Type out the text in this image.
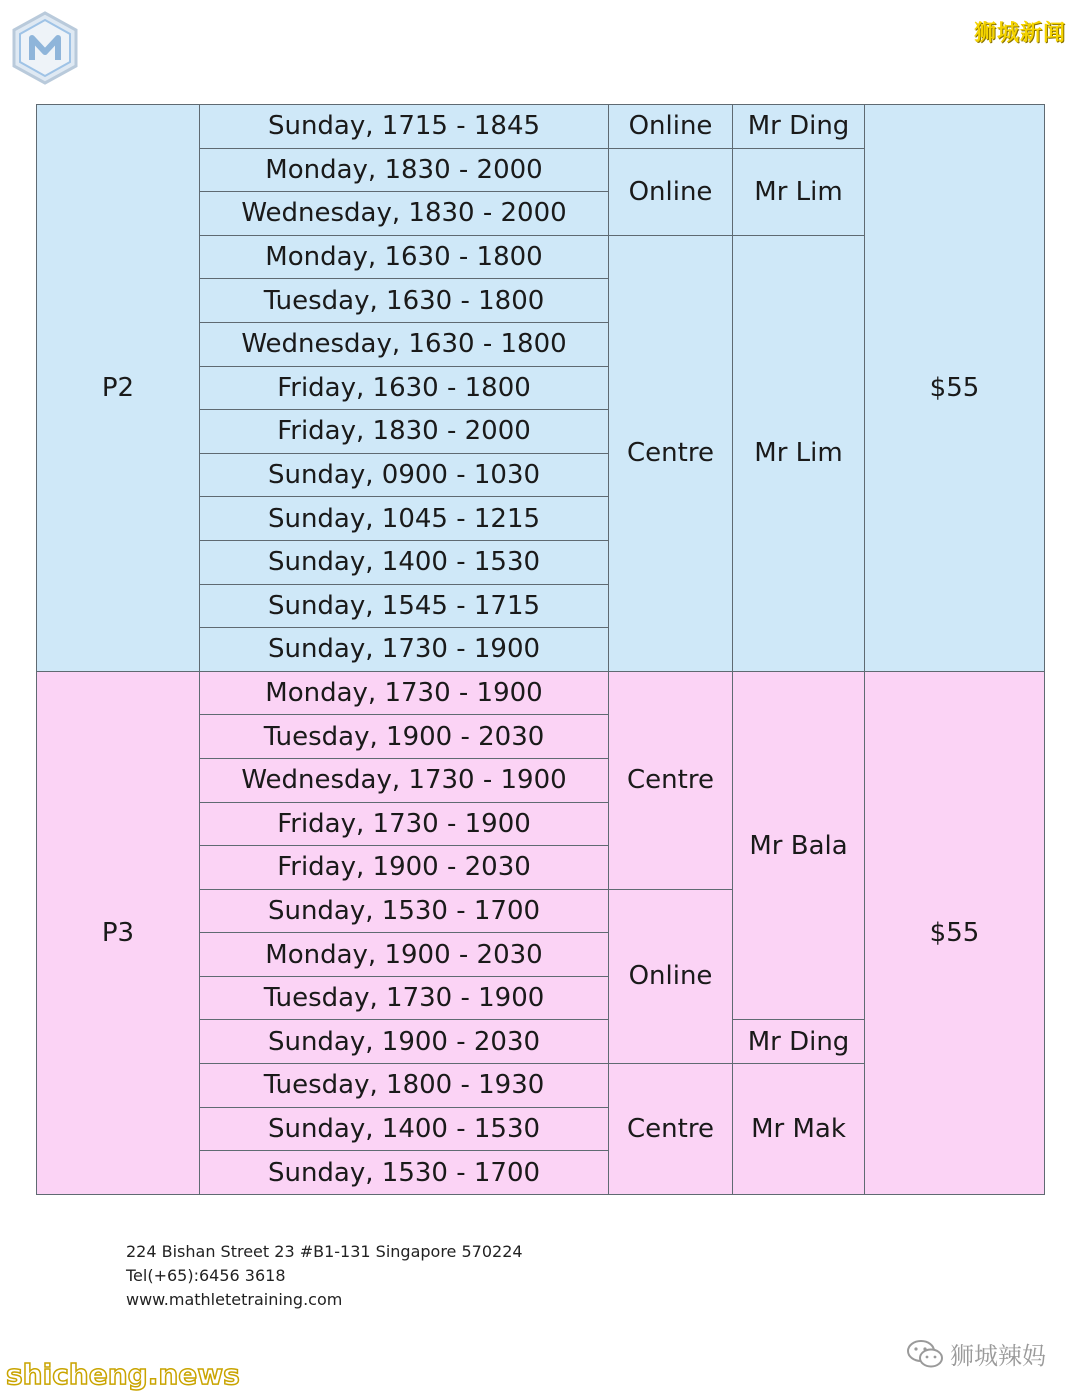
狮城新闻
P2	Sunday, 1715 - 1845	Online	Mr Ding	$55
	Monday, 1830 - 2000	Online	Mr Lim	
	Wednesday, 1830 - 2000			
	Monday, 1630 - 1800	Centre	Mr Lim	
	Tuesday, 1630 - 1800			
	Wednesday, 1630 - 1800			
	Friday, 1630 - 1800			
	Friday, 1830 - 2000			
	Sunday, 0900 - 1030			
	Sunday, 1045 - 1215			
	Sunday, 1400 - 1530			
	Sunday, 1545 - 1715			
	Sunday, 1730 - 1900			
P3	Monday, 1730 - 1900	Centre	Mr Bala	$55
	Tuesday, 1900 - 2030			
	Wednesday, 1730 - 1900			
	Friday, 1730 - 1900			
	Friday, 1900 - 2030			
	Sunday, 1530 - 1700	Online		
	Monday, 1900 - 2030			
	Tuesday, 1730 - 1900			
	Sunday, 1900 - 2030		Mr Ding	
	Tuesday, 1800 - 1930	Centre	Mr Mak	
	Sunday, 1400 - 1530			
	Sunday, 1530 - 1700			
224 Bishan Street 23 #B1-131 Singapore 570224
Tel(+65):6456 3618
www.mathletetraining.com
shicheng.news
狮城辣妈
